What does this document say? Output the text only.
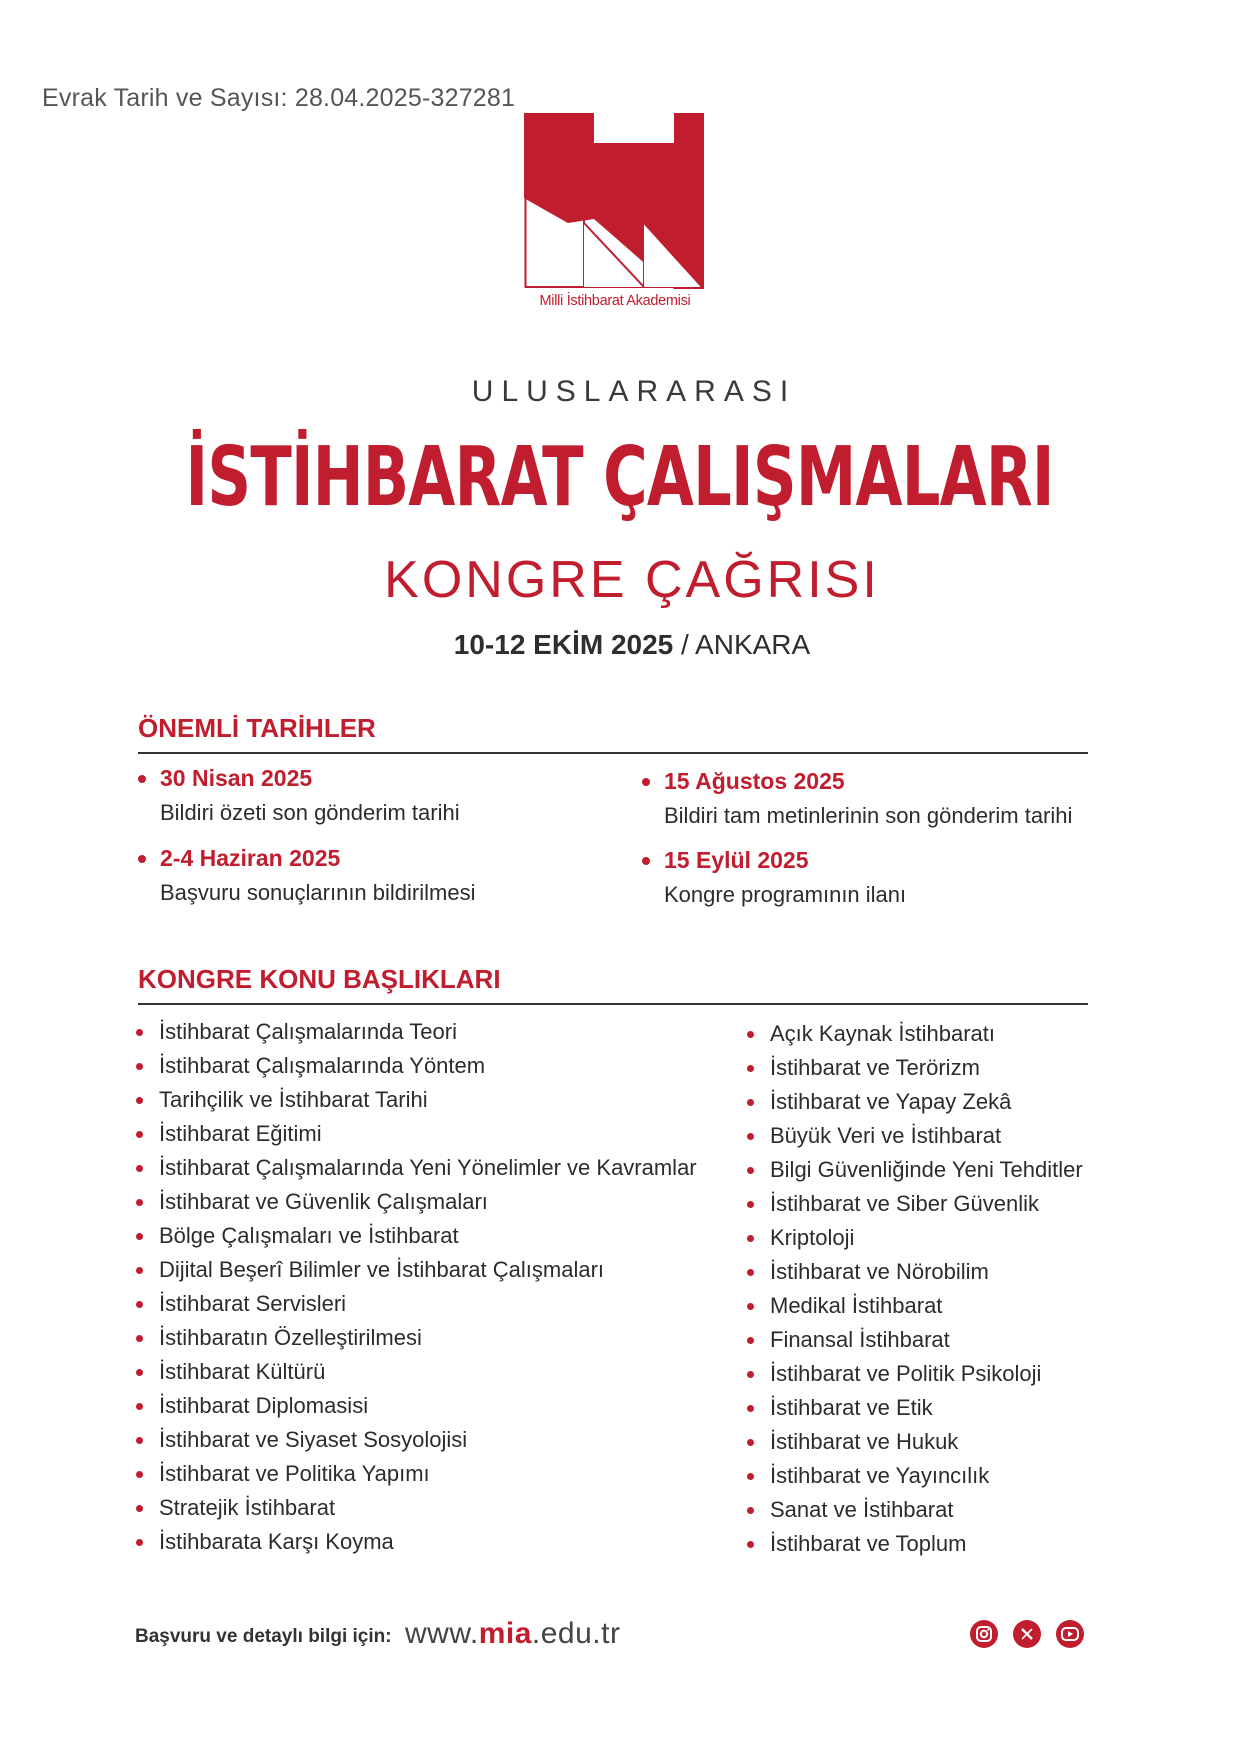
Evrak Tarih ve Sayısı: 28.04.2025-327281
Milli İstihbarat Akademisi
ULUSLARARASI
İSTİHBARAT ÇALIŞMALARI
KONGRE ÇAĞRISI
10-12 EKİM 2025 / ANKARA
ÖNEMLİ TARİHLER
30 Nisan 2025
Bildiri özeti son gönderim tarihi
2-4 Haziran 2025
Başvuru sonuçlarının bildirilmesi
15 Ağustos 2025
Bildiri tam metinlerinin son gönderim tarihi
15 Eylül 2025
Kongre programının ilanı
KONGRE KONU BAŞLIKLARI
İstihbarat Çalışmalarında Teori
İstihbarat Çalışmalarında Yöntem
Tarihçilik ve İstihbarat Tarihi
İstihbarat Eğitimi
İstihbarat Çalışmalarında Yeni Yönelimler ve Kavramlar
İstihbarat ve Güvenlik Çalışmaları
Bölge Çalışmaları ve İstihbarat
Dijital Beşerî Bilimler ve İstihbarat Çalışmaları
İstihbarat Servisleri
İstihbaratın Özelleştirilmesi
İstihbarat Kültürü
İstihbarat Diplomasisi
İstihbarat ve Siyaset Sosyolojisi
İstihbarat ve Politika Yapımı
Stratejik İstihbarat
İstihbarata Karşı Koyma
Açık Kaynak İstihbaratı
İstihbarat ve Terörizm
İstihbarat ve Yapay Zekâ
Büyük Veri ve İstihbarat
Bilgi Güvenliğinde Yeni Tehditler
İstihbarat ve Siber Güvenlik
Kriptoloji
İstihbarat ve Nörobilim
Medikal İstihbarat
Finansal İstihbarat
İstihbarat ve Politik Psikoloji
İstihbarat ve Etik
İstihbarat ve Hukuk
İstihbarat ve Yayıncılık
Sanat ve İstihbarat
İstihbarat ve Toplum
Başvuru ve detaylı bilgi için: www.mia.edu.tr
